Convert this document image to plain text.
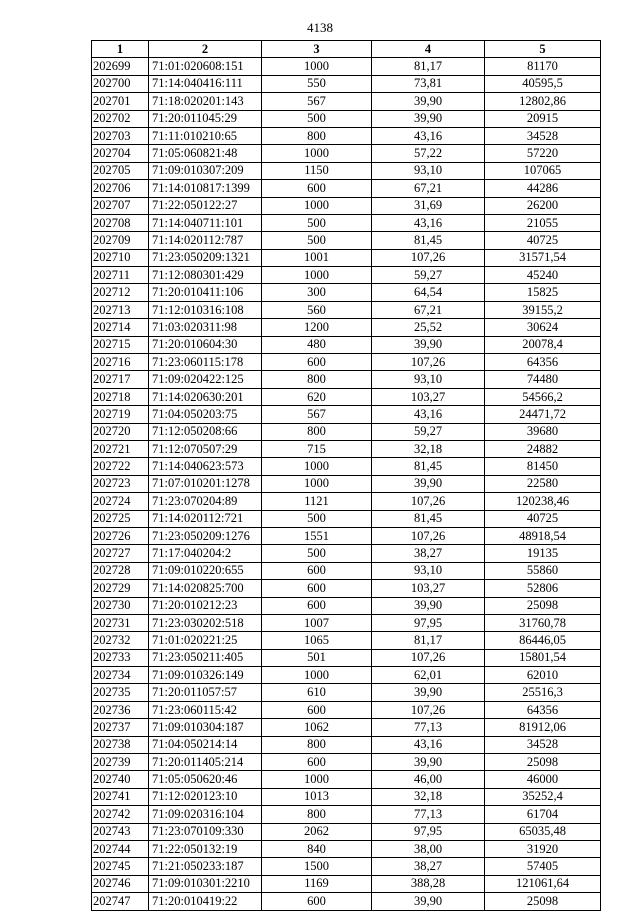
4138
1	2	3	4	5
202699	71:01:020608:151	1000	81,17	81170
202700	71:14:040416:111	550	73,81	40595,5
202701	71:18:020201:143	567	39,90	12802,86
202702	71:20:011045:29	500	39,90	20915
202703	71:11:010210:65	800	43,16	34528
202704	71:05:060821:48	1000	57,22	57220
202705	71:09:010307:209	1150	93,10	107065
202706	71:14:010817:1399	600	67,21	44286
202707	71:22:050122:27	1000	31,69	26200
202708	71:14:040711:101	500	43,16	21055
202709	71:14:020112:787	500	81,45	40725
202710	71:23:050209:1321	1001	107,26	31571,54
202711	71:12:080301:429	1000	59,27	45240
202712	71:20:010411:106	300	64,54	15825
202713	71:12:010316:108	560	67,21	39155,2
202714	71:03:020311:98	1200	25,52	30624
202715	71:20:010604:30	480	39,90	20078,4
202716	71:23:060115:178	600	107,26	64356
202717	71:09:020422:125	800	93,10	74480
202718	71:14:020630:201	620	103,27	54566,2
202719	71:04:050203:75	567	43,16	24471,72
202720	71:12:050208:66	800	59,27	39680
202721	71:12:070507:29	715	32,18	24882
202722	71:14:040623:573	1000	81,45	81450
202723	71:07:010201:1278	1000	39,90	22580
202724	71:23:070204:89	1121	107,26	120238,46
202725	71:14:020112:721	500	81,45	40725
202726	71:23:050209:1276	1551	107,26	48918,54
202727	71:17:040204:2	500	38,27	19135
202728	71:09:010220:655	600	93,10	55860
202729	71:14:020825:700	600	103,27	52806
202730	71:20:010212:23	600	39,90	25098
202731	71:23:030202:518	1007	97,95	31760,78
202732	71:01:020221:25	1065	81,17	86446,05
202733	71:23:050211:405	501	107,26	15801,54
202734	71:09:010326:149	1000	62,01	62010
202735	71:20:011057:57	610	39,90	25516,3
202736	71:23:060115:42	600	107,26	64356
202737	71:09:010304:187	1062	77,13	81912,06
202738	71:04:050214:14	800	43,16	34528
202739	71:20:011405:214	600	39,90	25098
202740	71:05:050620:46	1000	46,00	46000
202741	71:12:020123:10	1013	32,18	35252,4
202742	71:09:020316:104	800	77,13	61704
202743	71:23:070109:330	2062	97,95	65035,48
202744	71:22:050132:19	840	38,00	31920
202745	71:21:050233:187	1500	38,27	57405
202746	71:09:010301:2210	1169	388,28	121061,64
202747	71:20:010419:22	600	39,90	25098
